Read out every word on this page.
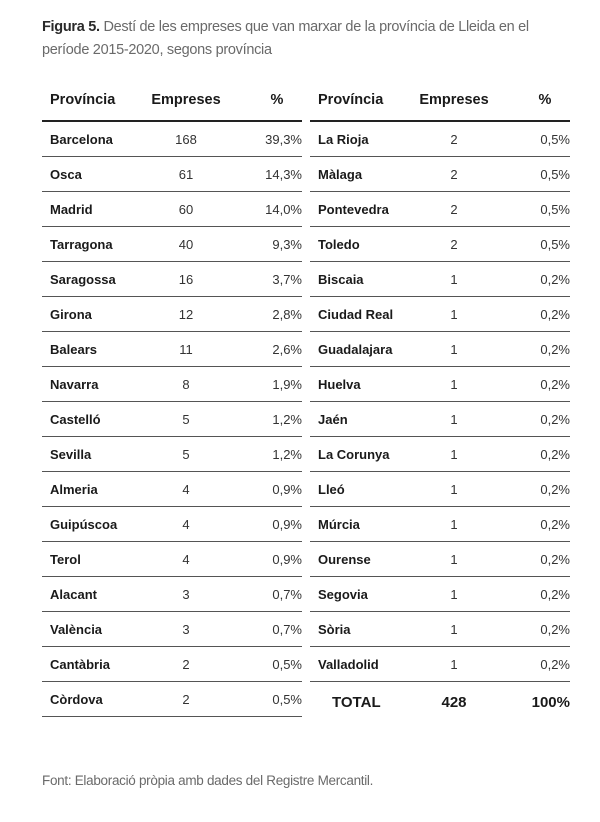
Figura 5. Destí de les empreses que van marxar de la província de Lleida en el període 2015-2020, segons província
Província	Empreses	%
Barcelona	168	39,3%
Osca	61	14,3%
Madrid	60	14,0%
Tarragona	40	9,3%
Saragossa	16	3,7%
Girona	12	2,8%
Balears	11	2,6%
Navarra	8	1,9%
Castelló	5	1,2%
Sevilla	5	1,2%
Almeria	4	0,9%
Guipúscoa	4	0,9%
Terol	4	0,9%
Alacant	3	0,7%
València	3	0,7%
Cantàbria	2	0,5%
Còrdova	2	0,5%
Província	Empreses	%
La Rioja	2	0,5%
Màlaga	2	0,5%
Pontevedra	2	0,5%
Toledo	2	0,5%
Biscaia	1	0,2%
Ciudad Real	1	0,2%
Guadalajara	1	0,2%
Huelva	1	0,2%
Jaén	1	0,2%
La Corunya	1	0,2%
Lleó	1	0,2%
Múrcia	1	0,2%
Ourense	1	0,2%
Segovia	1	0,2%
Sòria	1	0,2%
Valladolid	1	0,2%
TOTAL	428	100%
Font: Elaboració pròpia amb dades del Registre Mercantil.
